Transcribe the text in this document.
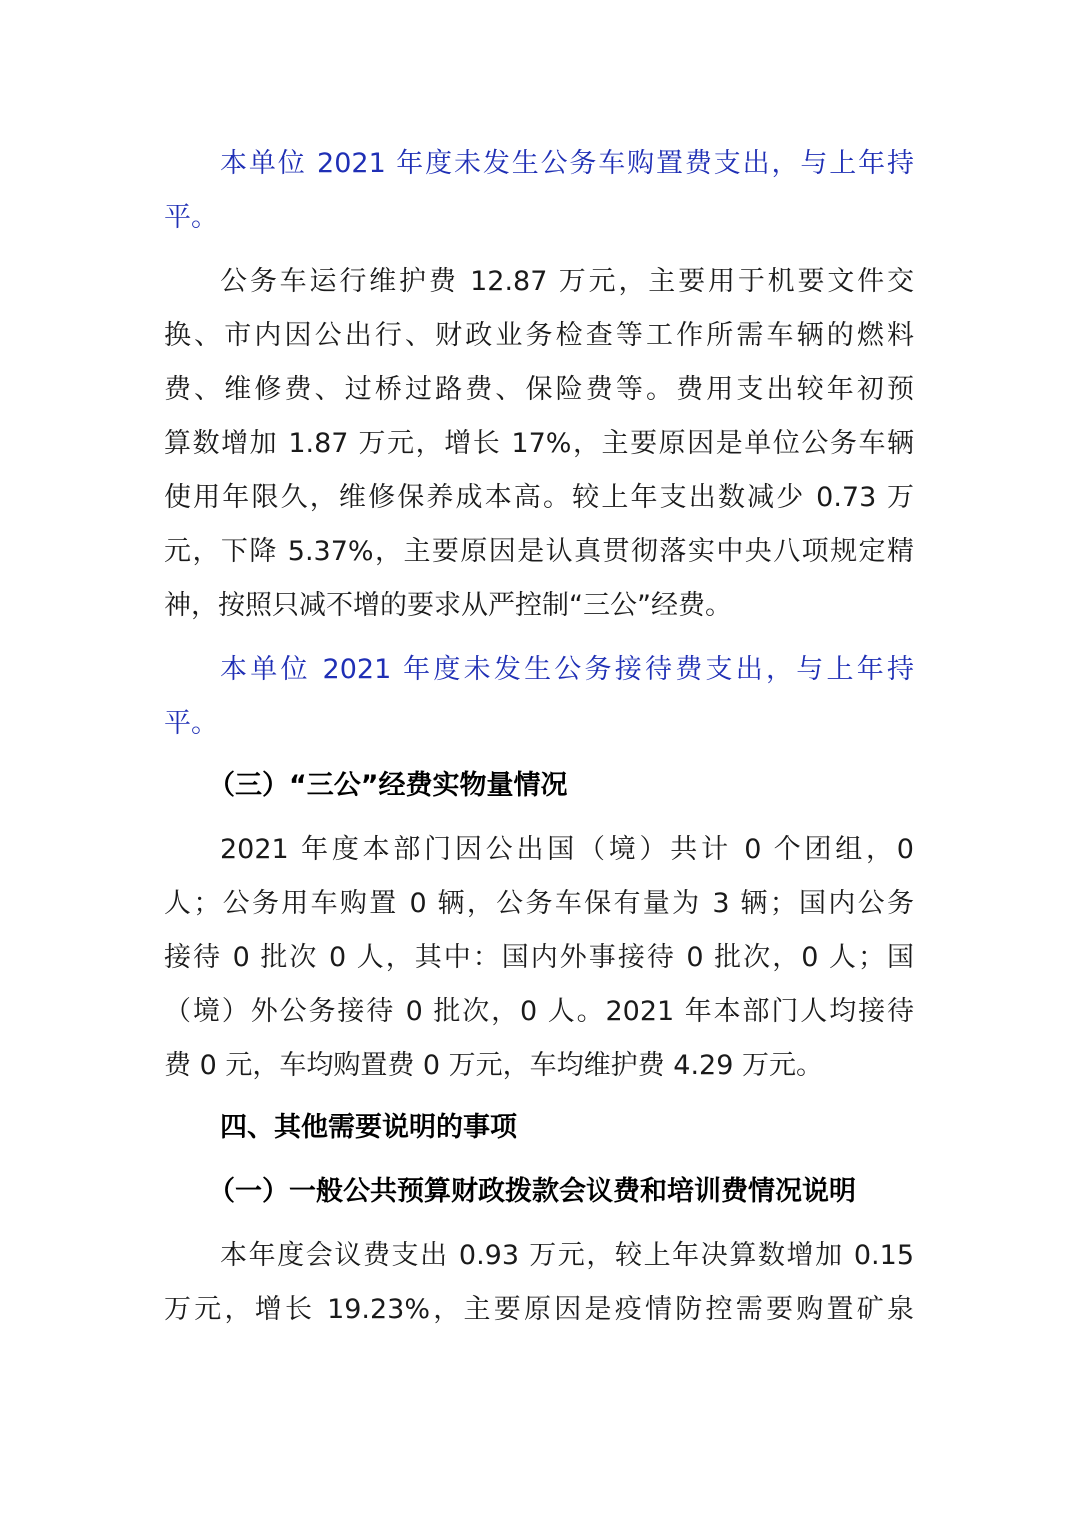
本单位 2021 年度未发生公务车购置费支出，与上年持
平。
公务车运行维护费 12.87 万元，主要用于机要文件交
换、市内因公出行、财政业务检查等工作所需车辆的燃料
费、维修费、过桥过路费、保险费等。费用支出较年初预
算数增加 1.87 万元，增长 17%，主要原因是单位公务车辆
使用年限久，维修保养成本高。较上年支出数减少 0.73 万
元，下降 5.37%，主要原因是认真贯彻落实中央八项规定精
神，按照只减不增的要求从严控制“三公”经费。
本单位 2021 年度未发生公务接待费支出，与上年持
平。
（三）“三公”经费实物量情况
2021 年度本部门因公出国（境）共计 0 个团组，0
人；公务用车购置 0 辆，公务车保有量为 3 辆；国内公务
接待 0 批次 0 人，其中：国内外事接待 0 批次，0 人；国
（境）外公务接待 0 批次，0 人。2021 年本部门人均接待
费 0 元，车均购置费 0 万元，车均维护费 4.29 万元。
四、其他需要说明的事项
（一）一般公共预算财政拨款会议费和培训费情况说明
本年度会议费支出 0.93 万元，较上年决算数增加 0.15
万元，增长 19.23%，主要原因是疫情防控需要购置矿泉
